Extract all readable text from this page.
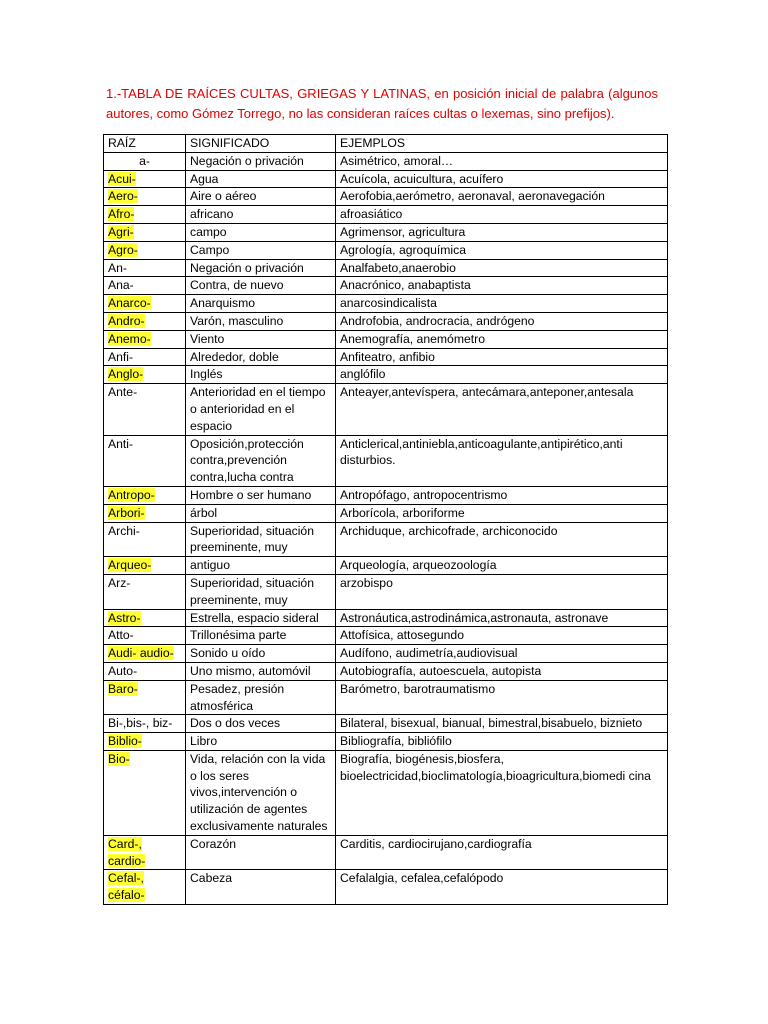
1.-TABLA DE RAÍCES CULTAS, GRIEGAS Y LATINAS, en posición inicial de palabra (algunos autores, como Gómez Torrego, no las consideran raíces cultas o lexemas, sino prefijos).
RAÍZ	SIGNIFICADO	EJEMPLOS
a-	Negación o privación	Asimétrico, amoral…
Acui-	Agua	Acuícola, acuicultura, acuífero
Aero-	Aire o aéreo	Aerofobia,aerómetro, aeronaval, aeronavegación
Afro-	africano	afroasiático
Agri-	campo	Agrimensor, agricultura
Agro-	Campo	Agrología, agroquímica
An-	Negación o privación	Analfabeto,anaerobio
Ana-	Contra, de nuevo	Anacrónico, anabaptista
Anarco-	Anarquismo	anarcosindicalista
Andro-	Varón, masculino	Androfobia, androcracia, andrógeno
Anemo-	Viento	Anemografía, anemómetro
Anfi-	Alrededor, doble	Anfiteatro, anfibio
Anglo-	Inglés	anglófilo
Ante-	Anterioridad en el tiempo o anterioridad en el espacio	Anteayer,antevíspera, antecámara,anteponer,antesala
Anti-	Oposición,protección contra,prevención contra,lucha contra	Anticlerical,antiniebla,anticoagulante,antipirético,anti disturbios.
Antropo-	Hombre o ser humano	Antropófago, antropocentrismo
Arbori-	árbol	Arborícola, arboriforme
Archi-	Superioridad, situación preeminente, muy	Archiduque, archicofrade, archiconocido
Arqueo-	antiguo	Arqueología, arqueozoología
Arz-	Superioridad, situación preeminente, muy	arzobispo
Astro-	Estrella, espacio sideral	Astronáutica,astrodinámica,astronauta, astronave
Atto-	Trillonésima parte	Attofísica, attosegundo
Audi- audio-	Sonido u oído	Audífono, audimetría,audiovisual
Auto-	Uno mismo, automóvil	Autobiografía, autoescuela, autopista
Baro-	Pesadez, presión atmosférica	Barómetro, barotraumatismo
Bi-,bis-, biz-	Dos o dos veces	Bilateral, bisexual, bianual, bimestral,bisabuelo, biznieto
Biblio-	Libro	Bibliografía, bibliófilo
Bio-	Vida, relación con la vida o los seres vivos,intervención o utilización de agentes exclusivamente naturales	Biografía, biogénesis,biosfera, bioelectricidad,bioclimatología,bioagricultura,biomedi cina
Card-, cardio-	Corazón	Carditis, cardiocirujano,cardiografía
Cefal-, céfalo-	Cabeza	Cefalalgia, cefalea,cefalópodo
